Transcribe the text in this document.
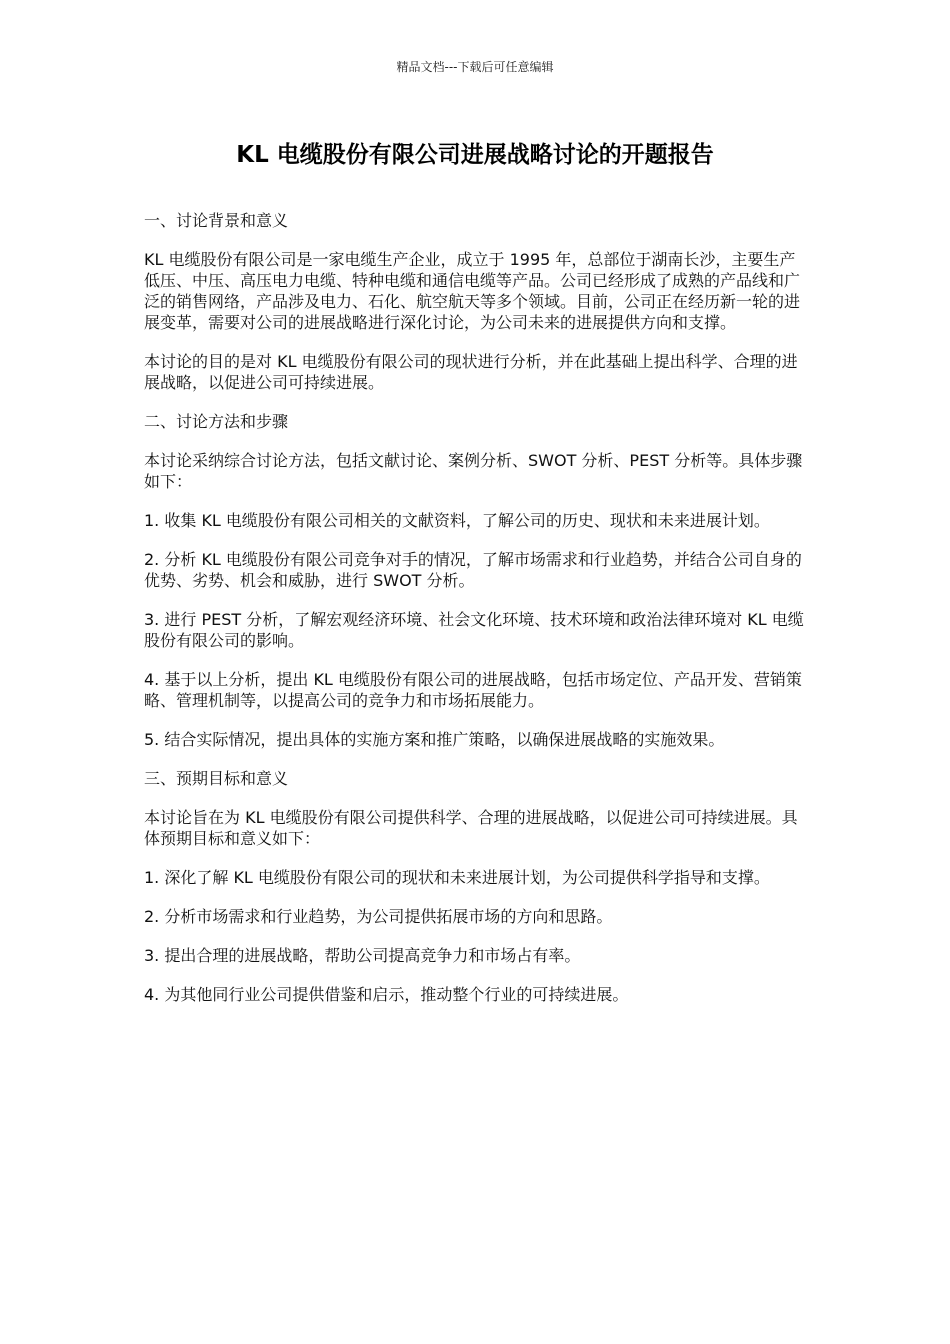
精品文档---下载后可任意编辑
KL 电缆股份有限公司进展战略讨论的开题报告

一、讨论背景和意义

KL 电缆股份有限公司是一家电缆生产企业，成立于 1995 年，总部位于湖南长沙，主要生产低压、中压、高压电力电缆、特种电缆和通信电缆等产品。公司已经形成了成熟的产品线和广泛的销售网络，产品涉及电力、石化、航空航天等多个领域。目前，公司正在经历新一轮的进展变革，需要对公司的进展战略进行深化讨论，为公司未来的进展提供方向和支撑。

本讨论的目的是对 KL 电缆股份有限公司的现状进行分析，并在此基础上提出科学、合理的进展战略，以促进公司可持续进展。

二、讨论方法和步骤

本讨论采纳综合讨论方法，包括文献讨论、案例分析、SWOT 分析、PEST 分析等。具体步骤如下：

1. 收集 KL 电缆股份有限公司相关的文献资料，了解公司的历史、现状和未来进展计划。

2. 分析 KL 电缆股份有限公司竞争对手的情况，了解市场需求和行业趋势，并结合公司自身的优势、劣势、机会和威胁，进行 SWOT 分析。

3. 进行 PEST 分析，了解宏观经济环境、社会文化环境、技术环境和政治法律环境对 KL 电缆股份有限公司的影响。

4. 基于以上分析，提出 KL 电缆股份有限公司的进展战略，包括市场定位、产品开发、营销策略、管理机制等，以提高公司的竞争力和市场拓展能力。

5. 结合实际情况，提出具体的实施方案和推广策略，以确保进展战略的实施效果。

三、预期目标和意义

本讨论旨在为 KL 电缆股份有限公司提供科学、合理的进展战略，以促进公司可持续进展。具体预期目标和意义如下：

1. 深化了解 KL 电缆股份有限公司的现状和未来进展计划，为公司提供科学指导和支撑。

2. 分析市场需求和行业趋势，为公司提供拓展市场的方向和思路。

3. 提出合理的进展战略，帮助公司提高竞争力和市场占有率。

4. 为其他同行业公司提供借鉴和启示，推动整个行业的可持续进展。
